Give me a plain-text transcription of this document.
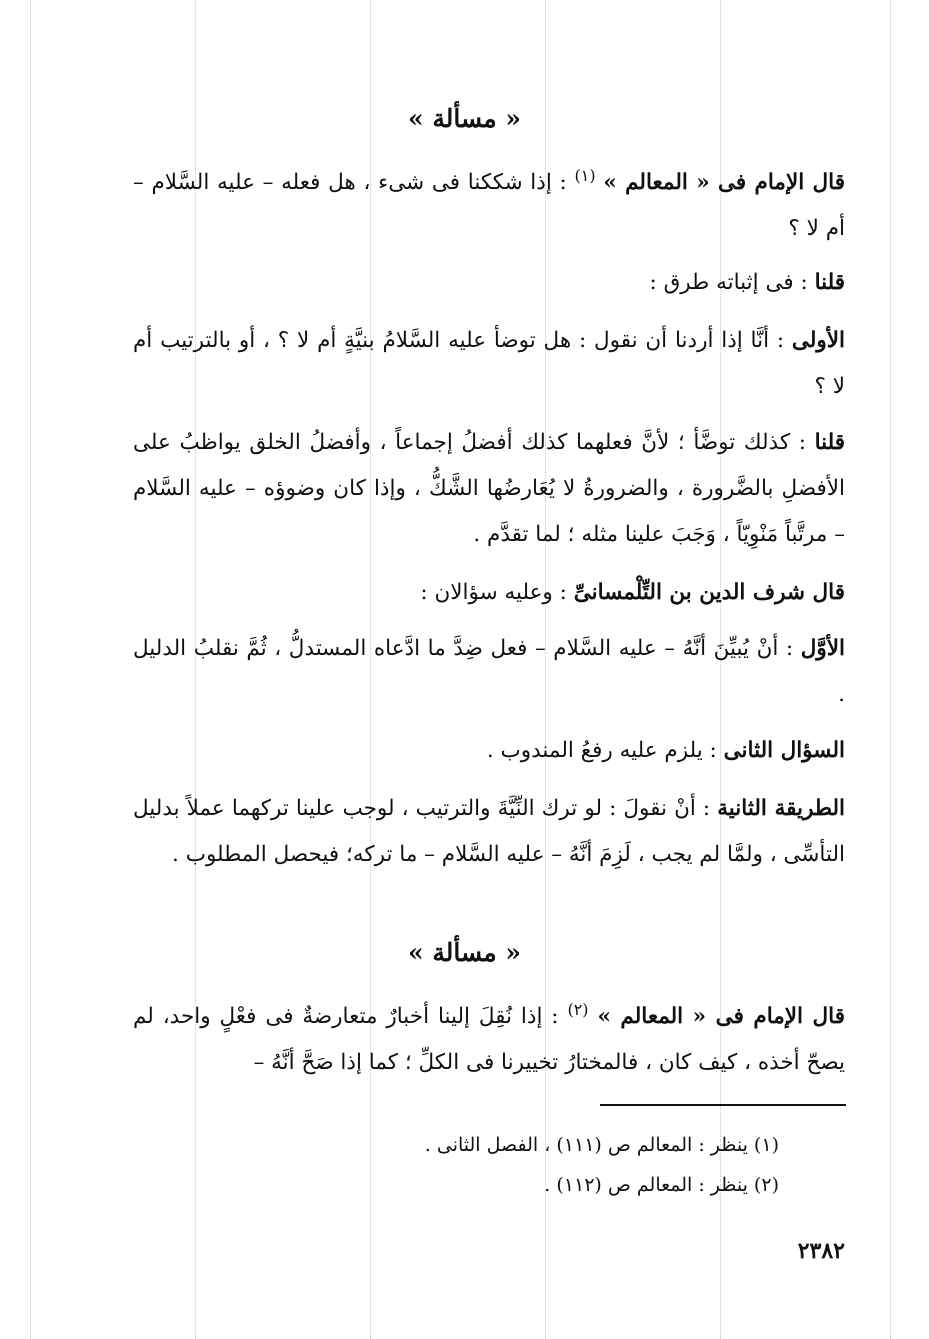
« مسألة »

قال الإمام فى « المعالم » $^{(١)}$ : إذا شككنا فى شىء ، هل فعله – عليه السَّلام – أم لا ؟

قلنا : فى إثباته طرق :

الأولى : أنَّا إذا أردنا أن نقول : هل توضأ عليه السَّلامُ بنيَّةٍ أم لا ؟ ، أو بالترتيب أم لا ؟

قلنا : كذلك توضَّأ ؛ لأنَّ فعلهما كذلك أفضلُ إجماعاً ، وأفضلُ الخلق يواظبُ على الأفضلِ بالضَّرورة ، والضرورةُ لا يُعَارضُها الشَّكُّ ، وإذا كان وضوؤه – عليه السَّلام – مرتَّباً مَنْوِيّاً ، وَجَبَ علينا مثله ؛ لما تقدَّم .

قال شرف الدين بن التِّلْمسانىِّ : وعليه سؤالان :

الأوَّل : أنْ يُبيِّنَ أنَّهُ – عليه السَّلام – فعل ضِدَّ ما ادَّعاه المستدلُّ ، ثُمَّ نقلبُ الدليل .

السؤال الثانى : يلزم عليه رفعُ المندوب .

الطريقة الثانية : أنْ نقولَ : لو ترك النِّيَّةَ والترتيب ، لوجب علينا تركهما عملاً بدليل التأسِّى ، ولمَّا لم يجب ، لَزِمَ أنَّهُ – عليه السَّلام – ما تركه؛ فيحصل المطلوب .

« مسألة »

قال الإمام فى « المعالم » $^{(٢)}$ : إذا نُقِلَ إلينا أخبارٌ متعارضةٌ فى فعْلٍ واحد، لم يصحّ أخذه ، كيف كان ، فالمختارُ تخييرنا فى الكلِّ ؛ كما إذا صَحَّ أنَّهُ –

(١) ينظر : المعالم ص (١١١) ، الفصل الثانى .
(٢) ينظر : المعالم ص (١١٢) .

٢٣٨٢
